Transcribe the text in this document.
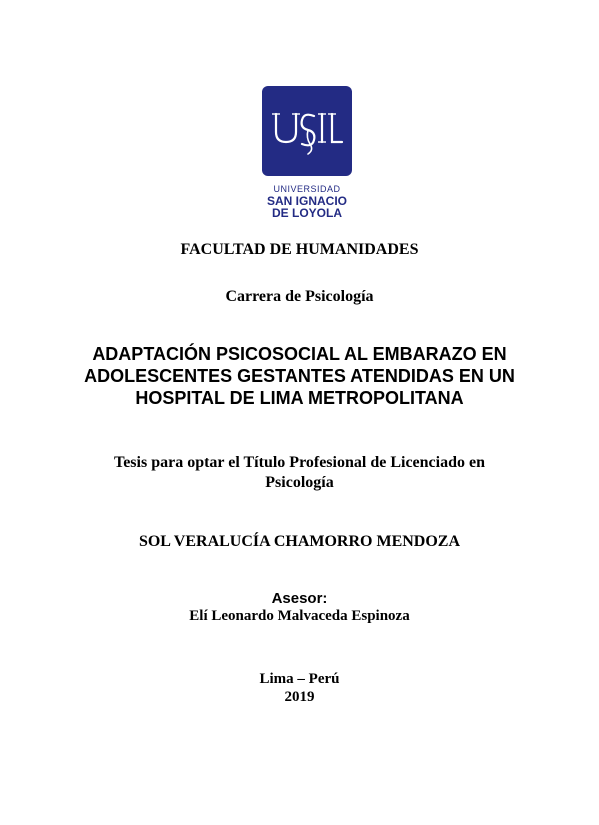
UNIVERSIDAD
SAN IGNACIO
DE LOYOLA
FACULTAD DE HUMANIDADES
Carrera de Psicología
ADAPTACIÓN PSICOSOCIAL AL EMBARAZO EN ADOLESCENTES GESTANTES ATENDIDAS EN UN HOSPITAL DE LIMA METROPOLITANA
Tesis para optar el Título Profesional de Licenciado en Psicología
SOL VERALUCÍA CHAMORRO MENDOZA
Asesor:
Elí Leonardo Malvaceda Espinoza
Lima – Perú
2019
